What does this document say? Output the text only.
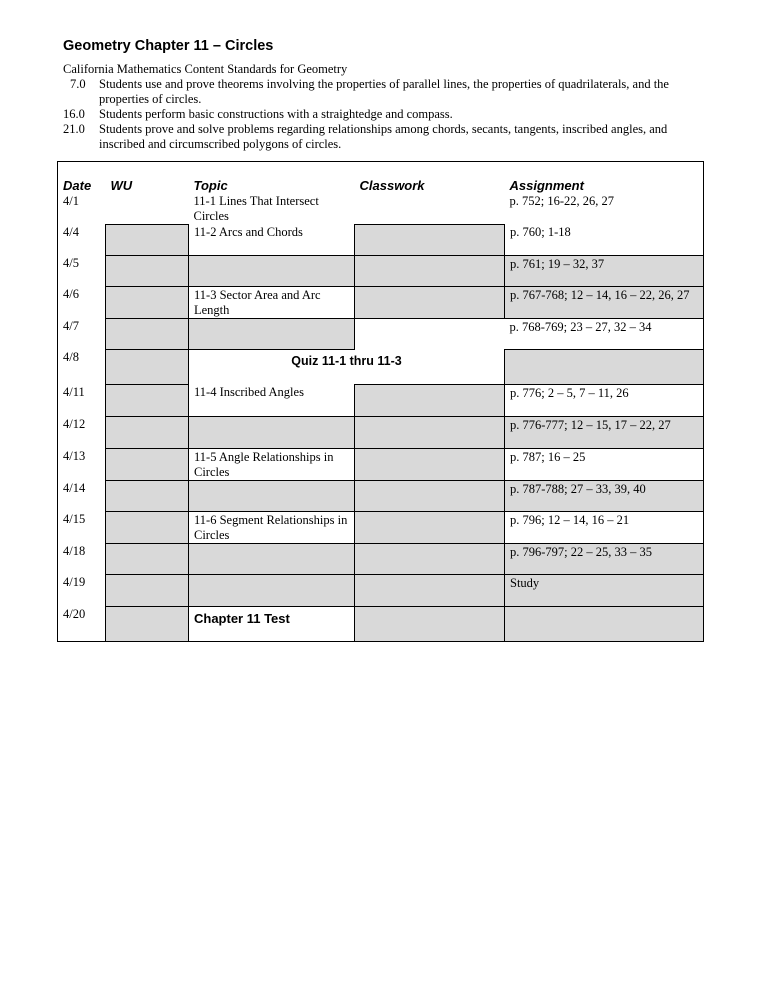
Geometry Chapter 11 – Circles
California Mathematics Content Standards for Geometry
7.0	Students use and prove theorems involving the properties of parallel lines, the properties of quadrilaterals, and the properties of circles.
16.0	Students perform basic constructions with a straightedge and compass.
21.0	Students prove and solve problems regarding relationships among chords, secants, tangents, inscribed angles, and inscribed and circumscribed polygons of circles.
Date	WU	Topic	Classwork	Assignment
4/1		11-1 Lines That Intersect Circles		p. 752; 16-22, 26, 27
4/4		11-2 Arcs and Chords		p. 760; 1-18
4/5				p. 761; 19 – 32, 37
4/6		11-3 Sector Area and Arc Length		p. 767-768; 12 – 14, 16 – 22, 26, 27
4/7				p. 768-769; 23 – 27, 32 – 34
4/8		Quiz 11-1 thru 11-3		
4/11		11-4 Inscribed Angles		p. 776; 2 – 5, 7 – 11, 26
4/12				p. 776-777; 12 – 15, 17 – 22, 27
4/13		11-5 Angle Relationships in Circles		p. 787; 16 – 25
4/14				p. 787-788; 27 – 33, 39, 40
4/15		11-6 Segment Relationships in Circles		p. 796; 12 – 14, 16 – 21
4/18				p. 796-797; 22 – 25, 33 – 35
4/19				Study
4/20		Chapter 11 Test		
